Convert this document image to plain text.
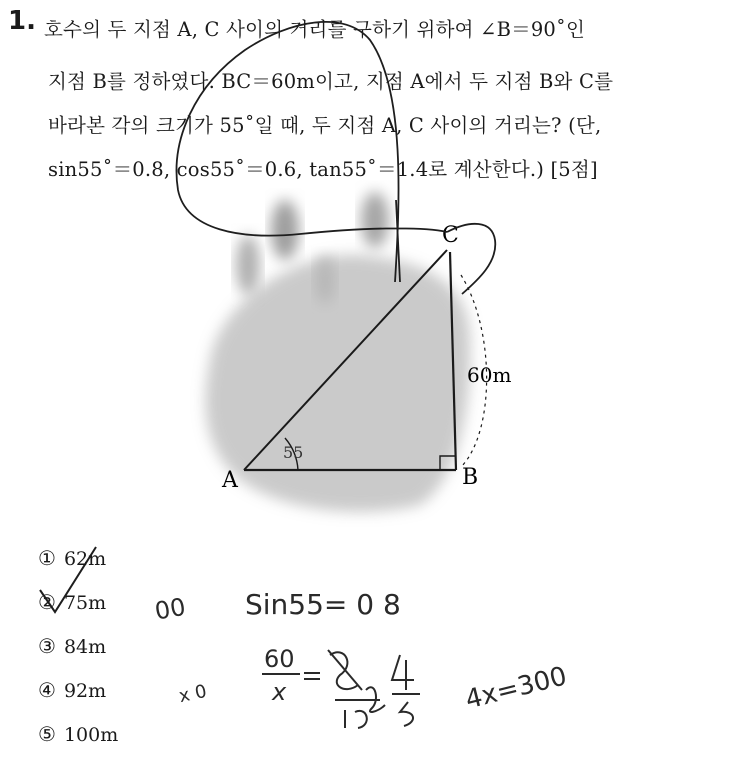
1. 호수의 두 지점 A, C 사이의 거리를 구하기 위하여 ∠B＝90˚인
지점 B를 정하였다. BC＝60m이고, 지점 A에서 두 지점 B와 C를
바라본 각의 크기가 55˚일 때, 두 지점 A, C 사이의 거리는? (단,
sin55˚＝0.8, cos55˚＝0.6, tan55˚＝1.4로 계산한다.) [5점]
A	B
C
60m
55
Sin55= 0 8
00
x 0
60
x	4x=300
① 62m
② 75m
③ 84m
④ 92m
⑤ 100m
